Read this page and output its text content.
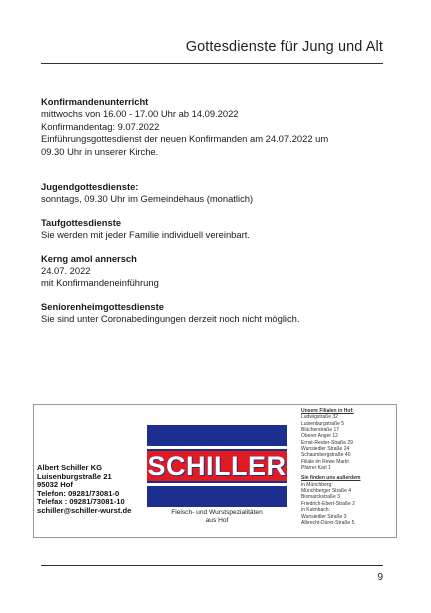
Gottesdienste für Jung und Alt
Konfirmandenunterricht

mittwochs von 16.00 - 17.00 Uhr ab 14.09.2022

Konfirmandentag: 9.07.2022

Einführungsgottesdienst der neuen Konfirmanden am 24.07.2022 um

09.30 Uhr in unserer Kirche.

Jugendgottesdienste:

sonntags, 09.30 Uhr im Gemeindehaus (monatlich)

Taufgottesdienste

Sie werden mit jeder Familie individuell vereinbart.

Kerng amol annersch

24.07. 2022

mit Konfirmandeneinführung

Seniorenheimgottesdienste

Sie sind unter Coronabedingungen derzeit noch nicht möglich.

Albert Schiller KG
Luisenburgstraße 21
95032 Hof
Telefon: 09281/73081-0
Telefax : 09281/73081-10
schiller@schiller-wurst.de
SCHILLER
Fleisch- und Wurstspezialitäten
aus Hof
Unsere Filialen in Hof:
Ludwigstraße 32
Luisenburgstraße 5
Blücherstraße 17
Oberer Anger 12
Ernst-Reuter-Straße 29
Wunsiedler Straße 24
Schaumbergstraße 40
Filiale im Rewe Markt
Pfarrer Karl 1
Sie finden uns außerdem
in Münchberg:
Münchberger Straße 4
Bismarckstraße 3
Friedrich-Ebert-Straße 2
in Kulmbach:
Wunsiedler Straße 3
Albrecht-Dürer-Straße 5
9
